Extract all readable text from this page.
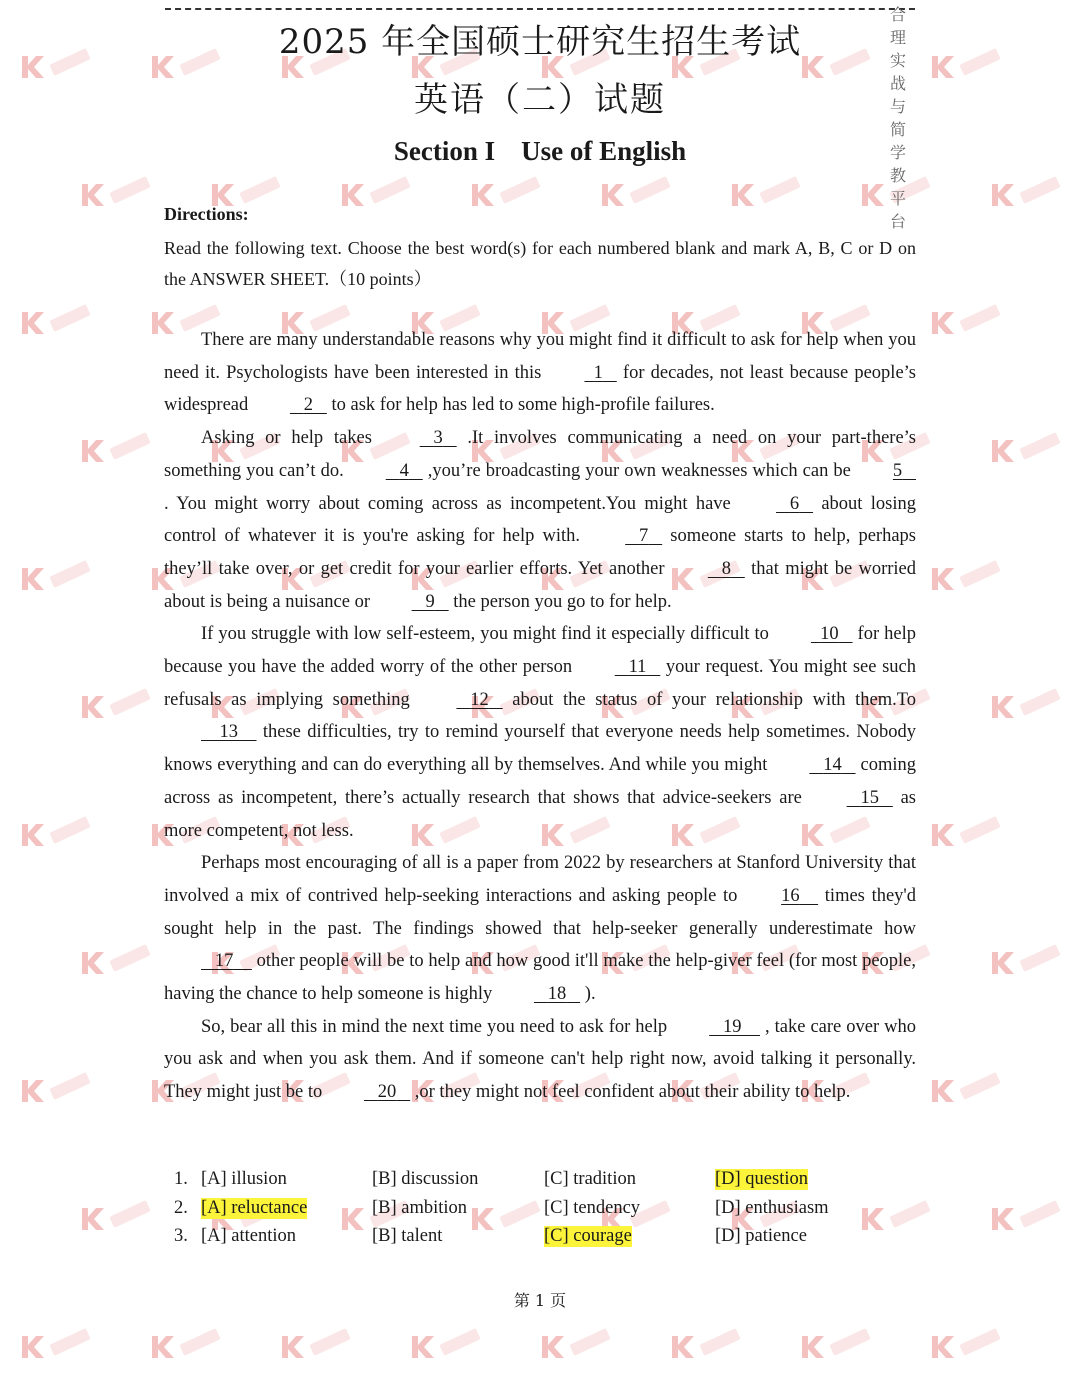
合理实战与简学教平台
2025 年全国硕士研究生招生考试
英语（二）试题
Section I Use of English
Directions:
Read the following text. Choose the best word(s) for each numbered blank and mark A, B, C or D on the ANSWER SHEET.（10 points）

There are many understandable reasons why you might find it difficult to ask for help when you need it. Psychologists have been interested in this	1 for decades, not least because people’s widespread	2    to ask for help has led to some high-profile failures.

Asking or help takes	3    .It involves communicating a need on your part-there’s something you can’t do.	4    ,you’re broadcasting your own weaknesses which can be 5    . You might worry about coming across as incompetent.You might have	6    about losing control of whatever it is you're asking for help with.	7    someone starts to help, perhaps they’ll take over, or get credit for your earlier efforts. Yet another	8    that might be worried about is being a nuisance or	9    the person you go to for help.

If you struggle with low self-esteem, you might find it especially difficult to	10    for help because you have the added worry of the other person	11    your request. You might see such refusals as implying something	12    about the status of your relationship with them.To     13     these difficulties, try to remind yourself that everyone needs help sometimes. Nobody knows everything and can do everything all by themselves. And while you might	14    coming across as incompetent, there’s actually research that shows that advice-seekers are	15    as more competent, not less.

Perhaps most encouraging of all is a paper from 2022 by researchers at Stanford University that involved a mix of contrived help-seeking interactions and asking people to 16     times they'd sought help in the past. The findings showed that help-seeker generally underestimate how    17     other people will be to help and how good it'll make the help-giver feel (for most people, having the chance to help someone is highly	18    ).

So, bear all this in mind the next time you need to ask for help	19     , take care over who you ask and when you ask them. And if someone can't help right now, avoid talking it personally. They might just be to	20    ,or they might not feel confident about their ability to help.

1. [A] illusion	[B] discussion	[C] tradition	[D] question
2. [A] reluctance	[B] ambition	[C] tendency	[D] enthusiasm
3. [A] attention	[B] talent	[C] courage	[D] patience
第 1 页
